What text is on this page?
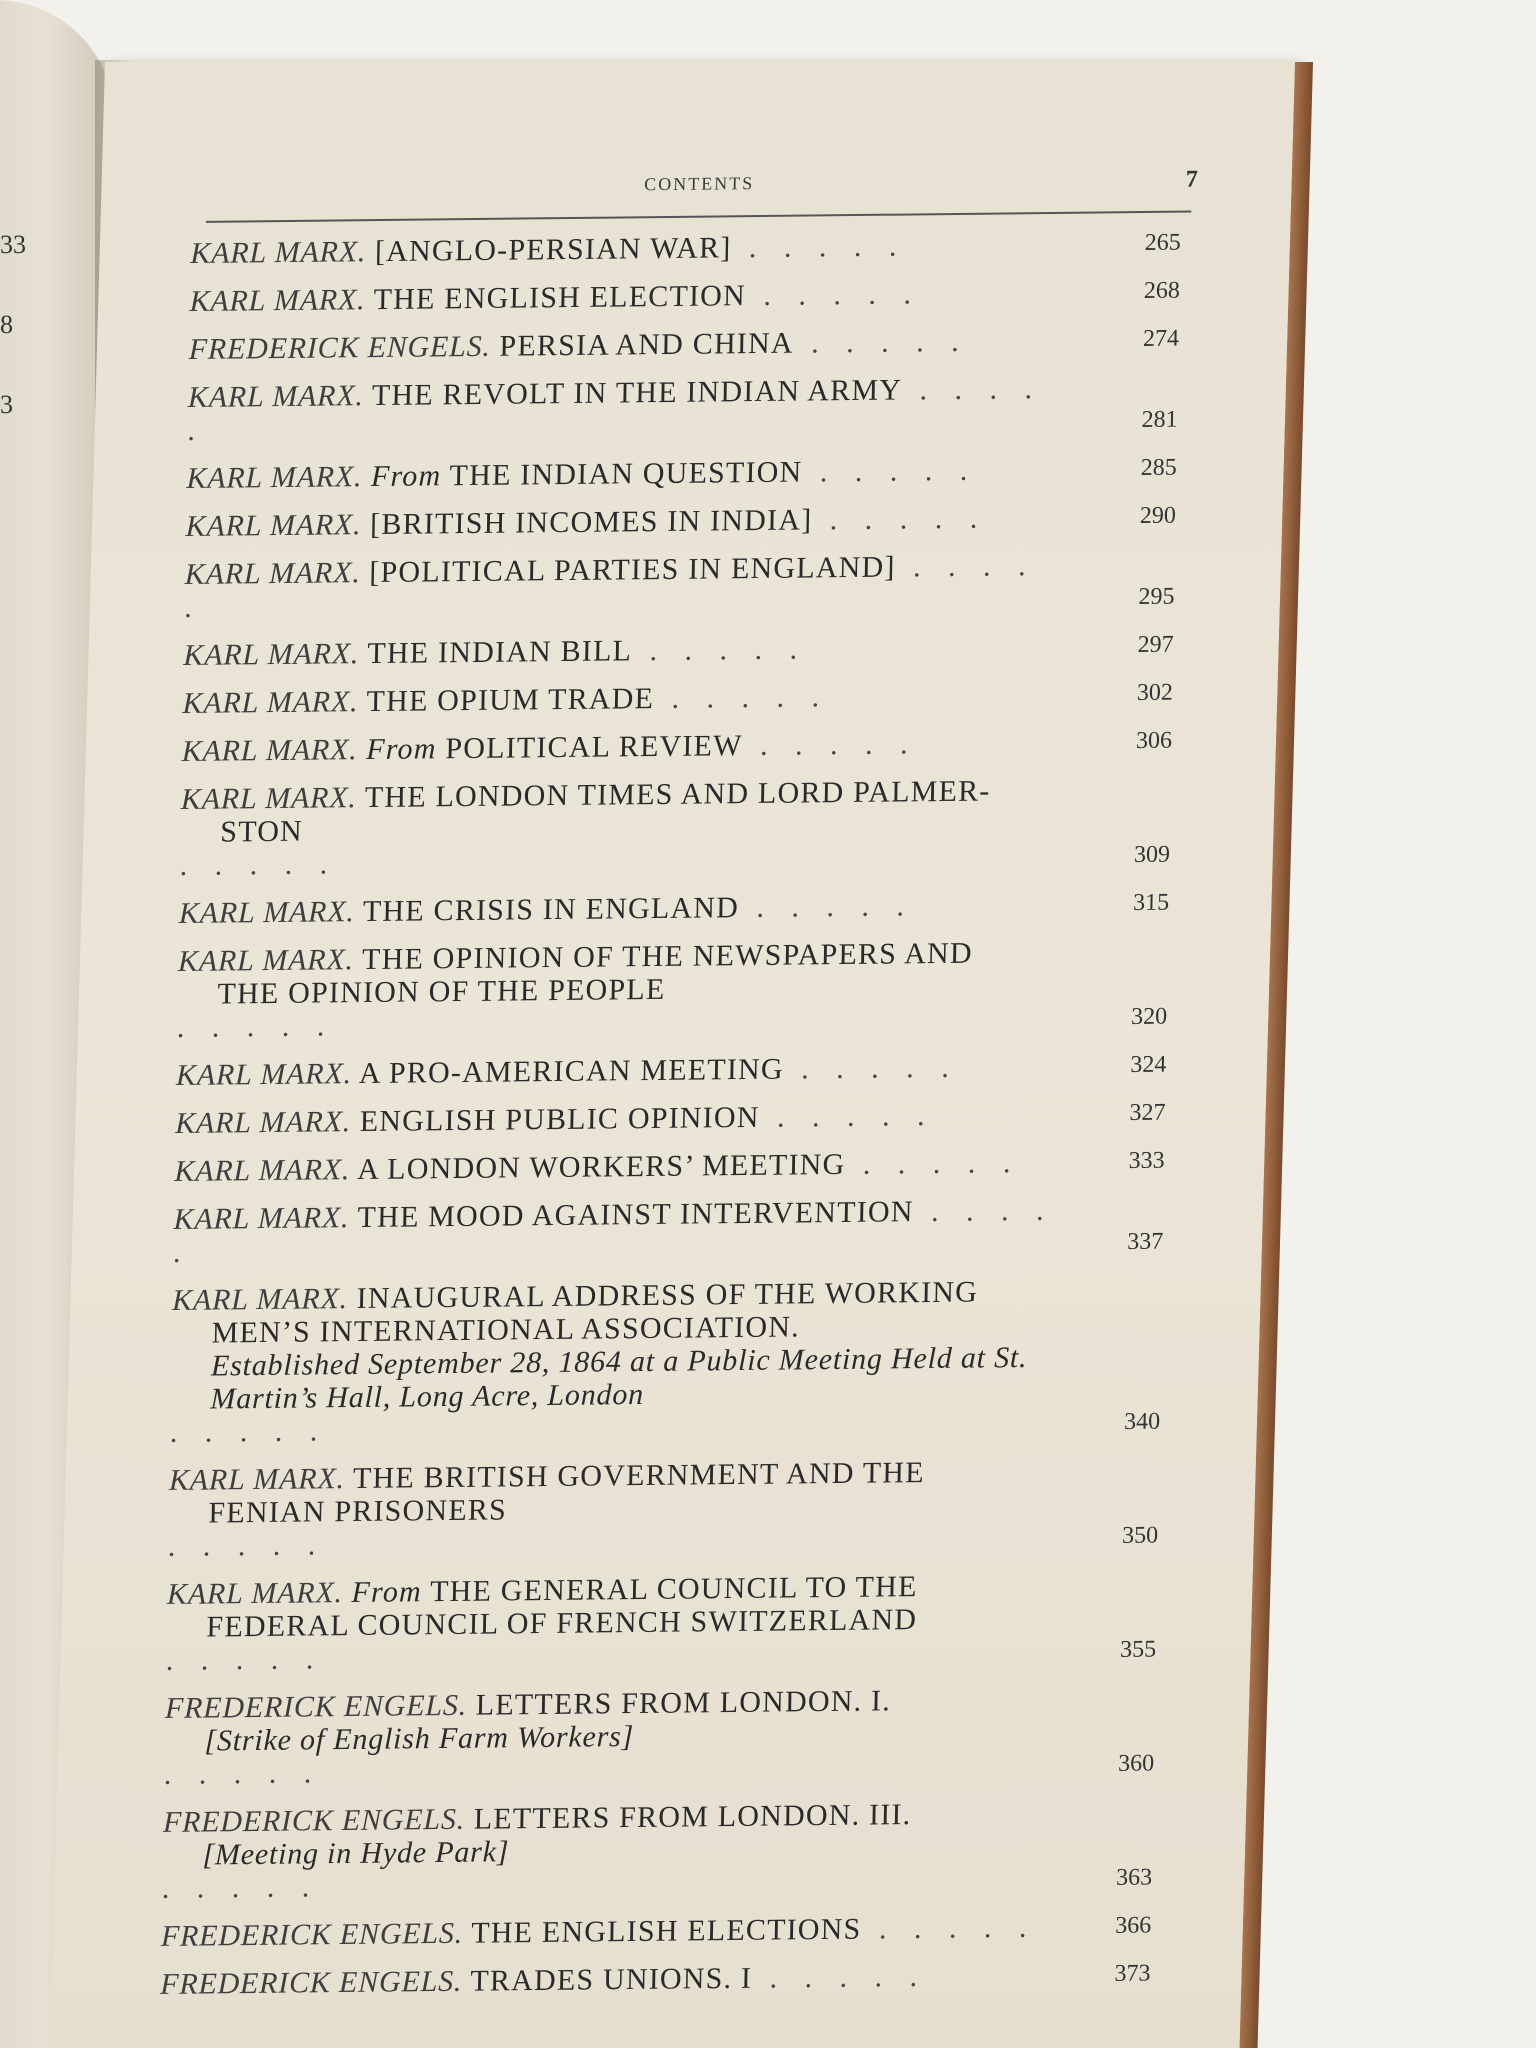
33
8
3
CONTENTS	7
KARL MARX. [ANGLO-PERSIAN WAR] . . . . .	265
KARL MARX. THE ENGLISH ELECTION . . . . .	268
FREDERICK ENGELS. PERSIA AND CHINA . . . . .	274
KARL MARX. THE REVOLT IN THE INDIAN ARMY . . . . .	281
KARL MARX. From THE INDIAN QUESTION . . . . .	285
KARL MARX. [BRITISH INCOMES IN INDIA] . . . . .	290
KARL MARX. [POLITICAL PARTIES IN ENGLAND] . . . . .	295
KARL MARX. THE INDIAN BILL . . . . .	297
KARL MARX. THE OPIUM TRADE . . . . .	302
KARL MARX. From POLITICAL REVIEW . . . . .	306
KARL MARX. THE LONDON TIMES AND LORD PALMER-
STON
. . . . .	309
KARL MARX. THE CRISIS IN ENGLAND . . . . .	315
KARL MARX. THE OPINION OF THE NEWSPAPERS AND
THE OPINION OF THE PEOPLE
. . . . .	320
KARL MARX. A PRO-AMERICAN MEETING . . . . .	324
KARL MARX. ENGLISH PUBLIC OPINION . . . . .	327
KARL MARX. A LONDON WORKERS’ MEETING . . . . .	333
KARL MARX. THE MOOD AGAINST INTERVENTION . . . . .	337
KARL MARX. INAUGURAL ADDRESS OF THE WORKING
MEN’S INTERNATIONAL ASSOCIATION.
Established September 28, 1864 at a Public Meeting Held at St. Martin’s Hall, Long Acre, London
. . . . .	340
KARL MARX. THE BRITISH GOVERNMENT AND THE
FENIAN PRISONERS
. . . . .	350
KARL MARX. From THE GENERAL COUNCIL TO THE
FEDERAL COUNCIL OF FRENCH SWITZERLAND
. . . . .	355
FREDERICK ENGELS. LETTERS FROM LONDON. I.
[Strike of English Farm Workers]
. . . . .	360
FREDERICK ENGELS. LETTERS FROM LONDON. III.
[Meeting in Hyde Park]
. . . . .	363
FREDERICK ENGELS. THE ENGLISH ELECTIONS . . . . .	366
FREDERICK ENGELS. TRADES UNIONS. I . . . . .	373
